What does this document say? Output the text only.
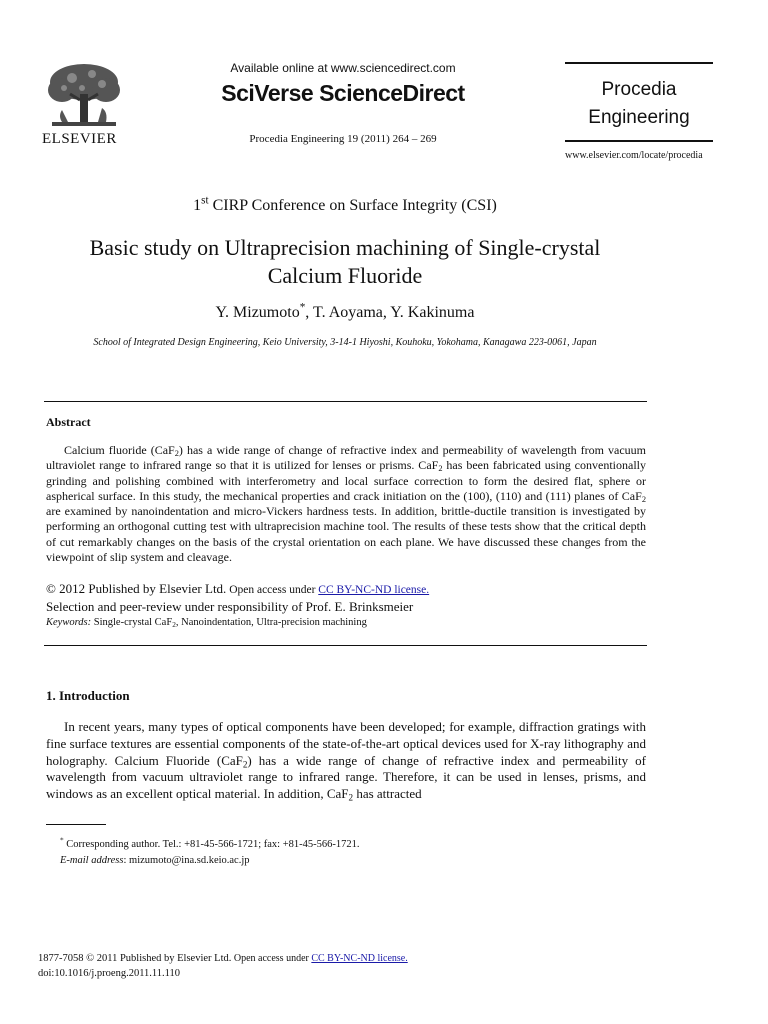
ELSEVIER
Available online at www.sciencedirect.com
SciVerse ScienceDirect
Procedia Engineering 19 (2011) 264 – 269
Procedia
Engineering
www.elsevier.com/locate/procedia
1st CIRP Conference on Surface Integrity (CSI)
Basic study on Ultraprecision machining of Single-crystal
Calcium Fluoride
Y. Mizumoto*, T. Aoyama, Y. Kakinuma
School of Integrated Design Engineering, Keio University, 3-14-1 Hiyoshi, Kouhoku, Yokohama, Kanagawa 223-0061, Japan
Abstract
Calcium fluoride (CaF$_2$) has a wide range of change of refractive index and permeability of wavelength from vacuum ultraviolet range to infrared range so that it is utilized for lenses or prisms. CaF$_2$ has been fabricated using conventionally grinding and polishing combined with interferometry and local surface correction to form the desired flat, sphere or aspherical surface. In this study, the mechanical properties and crack initiation on the (100), (110) and (111) planes of CaF$_2$ are examined by nanoindentation and micro-Vickers hardness tests. In addition, brittle-ductile transition is investigated by performing an orthogonal cutting test with ultraprecision machine tool. The results of these tests show that the critical depth of cut remarkably changes on the basis of the crystal orientation on each plane. We have discussed these changes from the viewpoint of slip system and cleavage.
© 2012 Published by Elsevier Ltd. Open access under CC BY-NC-ND license.
Selection and peer-review under responsibility of Prof. E. Brinksmeier
Keywords: Single-crystal CaF$_2$, Nanoindentation, Ultra-precision machining
1. Introduction
In recent years, many types of optical components have been developed; for example, diffraction gratings with fine surface textures are essential components of the state-of-the-art optical devices used for X-ray lithography and holography. Calcium Fluoride (CaF$_2$) has a wide range of change of refractive index and permeability of wavelength from vacuum ultraviolet range to infrared range. Therefore, it can be used in lenses, prisms, and windows as an excellent optical material. In addition, CaF$_2$ has attracted
* Corresponding author. Tel.: +81-45-566-1721; fax: +81-45-566-1721.
E-mail address: mizumoto@ina.sd.keio.ac.jp
1877-7058 © 2011 Published by Elsevier Ltd. Open access under CC BY-NC-ND license.
doi:10.1016/j.proeng.2011.11.110
